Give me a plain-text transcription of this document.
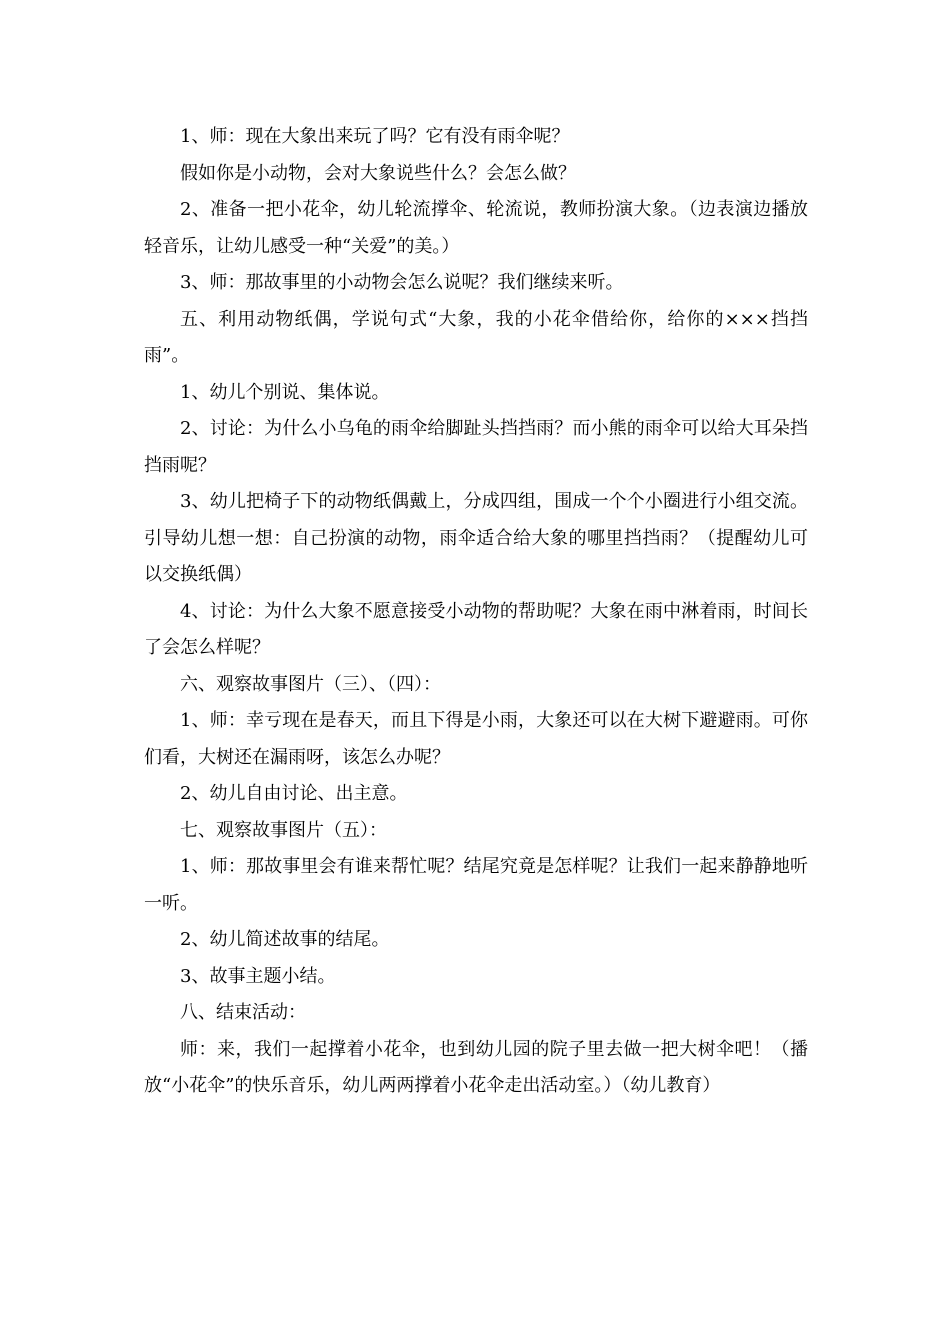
1、师：现在大象出来玩了吗？它有没有雨伞呢？

假如你是小动物，会对大象说些什么？会怎么做？

2、准备一把小花伞，幼儿轮流撑伞、轮流说，教师扮演大象。（边表演边播放轻音乐，让幼儿感受一种“关爱”的美。）

3、师：那故事里的小动物会怎么说呢？我们继续来听。

五、利用动物纸偶，学说句式“大象，我的小花伞借给你，给你的×××挡挡雨”。

1、幼儿个别说、集体说。

2、讨论：为什么小乌龟的雨伞给脚趾头挡挡雨？而小熊的雨伞可以给大耳朵挡挡雨呢？

3、幼儿把椅子下的动物纸偶戴上，分成四组，围成一个个小圈进行小组交流。引导幼儿想一想：自己扮演的动物，雨伞适合给大象的哪里挡挡雨？（提醒幼儿可以交换纸偶）

4、讨论：为什么大象不愿意接受小动物的帮助呢？大象在雨中淋着雨，时间长了会怎么样呢？

六、观察故事图片（三）、（四）：

1、师：幸亏现在是春天，而且下得是小雨，大象还可以在大树下避避雨。可你们看，大树还在漏雨呀，该怎么办呢？

2、幼儿自由讨论、出主意。

七、观察故事图片（五）：

1、师：那故事里会有谁来帮忙呢？结尾究竟是怎样呢？让我们一起来静静地听一听。

2、幼儿简述故事的结尾。

3、故事主题小结。

八、结束活动：

师：来，我们一起撑着小花伞，也到幼儿园的院子里去做一把大树伞吧！（播放“小花伞”的快乐音乐，幼儿两两撑着小花伞走出活动室。）（幼儿教育）
